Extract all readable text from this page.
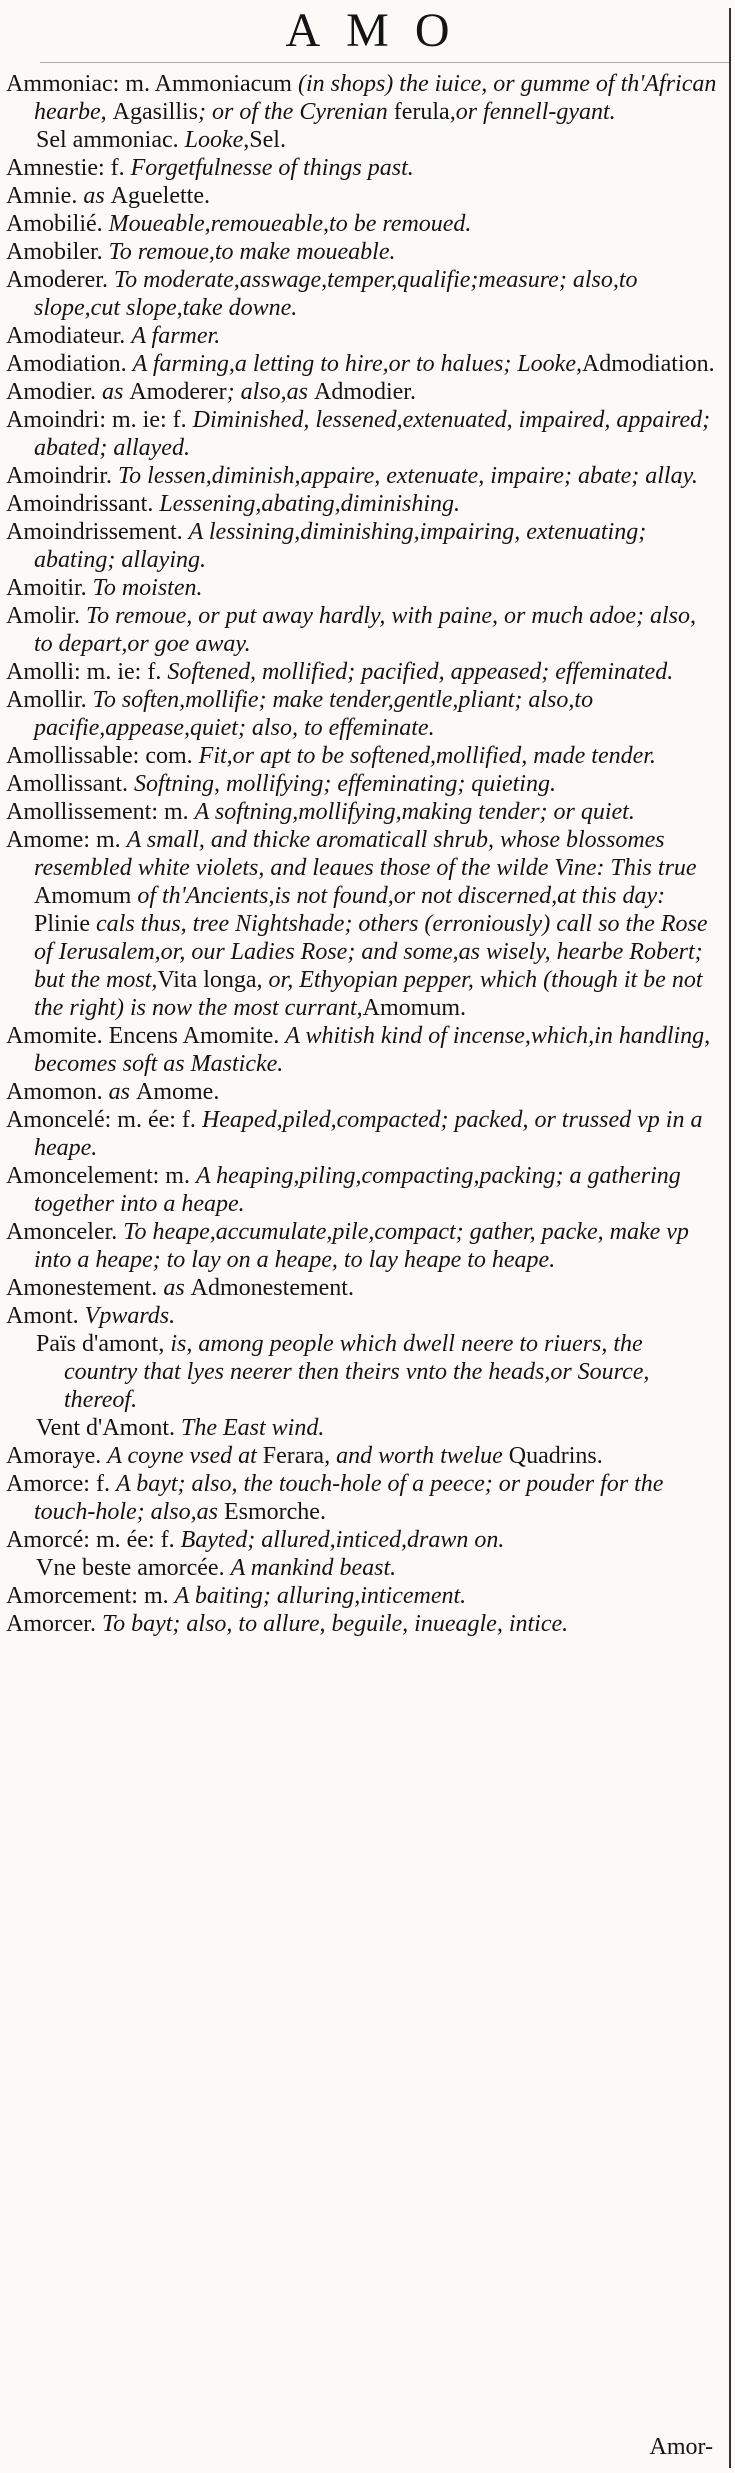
AMO

Ammoniac: m. Ammoniacum (in shops) the iuice, or gumme of th'African hearbe, Agasillis; or of the Cyrenian ferula,or fennell-gyant.

Sel ammoniac. Looke,Sel.

Amnestie: f. Forgetfulnesse of things past.

Amnie. as Aguelette.

Amobilié. Moueable,remoueable,to be remoued.

Amobiler. To remoue,to make moueable.

Amoderer. To moderate,asswage,temper,qualifie;measure; also,to slope,cut slope,take downe.

Amodiateur. A farmer.

Amodiation. A farming,a letting to hire,or to halues; Looke,Admodiation.

Amodier. as Amoderer; also,as Admodier.

Amoindri: m. ie: f. Diminished, lessened,extenuated, impaired, appaired; abated; allayed.

Amoindrir. To lessen,diminish,appaire, extenuate, impaire; abate; allay.

Amoindrissant. Lessening,abating,diminishing.

Amoindrissement. A lessining,diminishing,impairing, extenuating; abating; allaying.

Amoitir. To moisten.

Amolir. To remoue, or put away hardly, with paine, or much adoe; also, to depart,or goe away.

Amolli: m. ie: f. Softened, mollified; pacified, appeased; effeminated.

Amollir. To soften,mollifie; make tender,gentle,pliant; also,to pacifie,appease,quiet; also, to effeminate.

Amollissable: com. Fit,or apt to be softened,mollified, made tender.

Amollissant. Softning, mollifying; effeminating; quieting.

Amollissement: m. A softning,mollifying,making tender; or quiet.

Amome: m. A small, and thicke aromaticall shrub, whose blossomes resembled white violets, and leaues those of the wilde Vine: This true Amomum of th'Ancients,is not found,or not discerned,at this day: Plinie cals thus, tree Nightshade; others (erroniously) call so the Rose of Ierusalem,or, our Ladies Rose; and some,as wisely, hearbe Robert; but the most,Vita longa, or, Ethyopian pepper, which (though it be not the right) is now the most currant,Amomum.

Amomite. Encens Amomite. A whitish kind of incense,which,in handling, becomes soft as Masticke.

Amomon. as Amome.

Amoncelé: m. ée: f. Heaped,piled,compacted; packed, or trussed vp in a heape.

Amoncelement: m. A heaping,piling,compacting,packing; a gathering together into a heape.

Amonceler. To heape,accumulate,pile,compact; gather, packe, make vp into a heape; to lay on a heape, to lay heape to heape.

Amonestement. as Admonestement.

Amont. Vpwards.

Païs d'amont, is, among people which dwell neere to riuers, the country that lyes neerer then theirs vnto the heads,or Source, thereof.

Vent d'Amont. The East wind.

Amoraye. A coyne vsed at Ferara, and worth twelue Quadrins.

Amorce: f. A bayt; also, the touch-hole of a peece; or pouder for the touch-hole; also,as Esmorche.

Amorcé: m. ée: f. Bayted; allured,inticed,drawn on.

Vne beste amorcée. A mankind beast.

Amorcement: m. A baiting; alluring,inticement.

Amorcer. To bayt; also, to allure, beguile, inueagle, intice.

Amor-
